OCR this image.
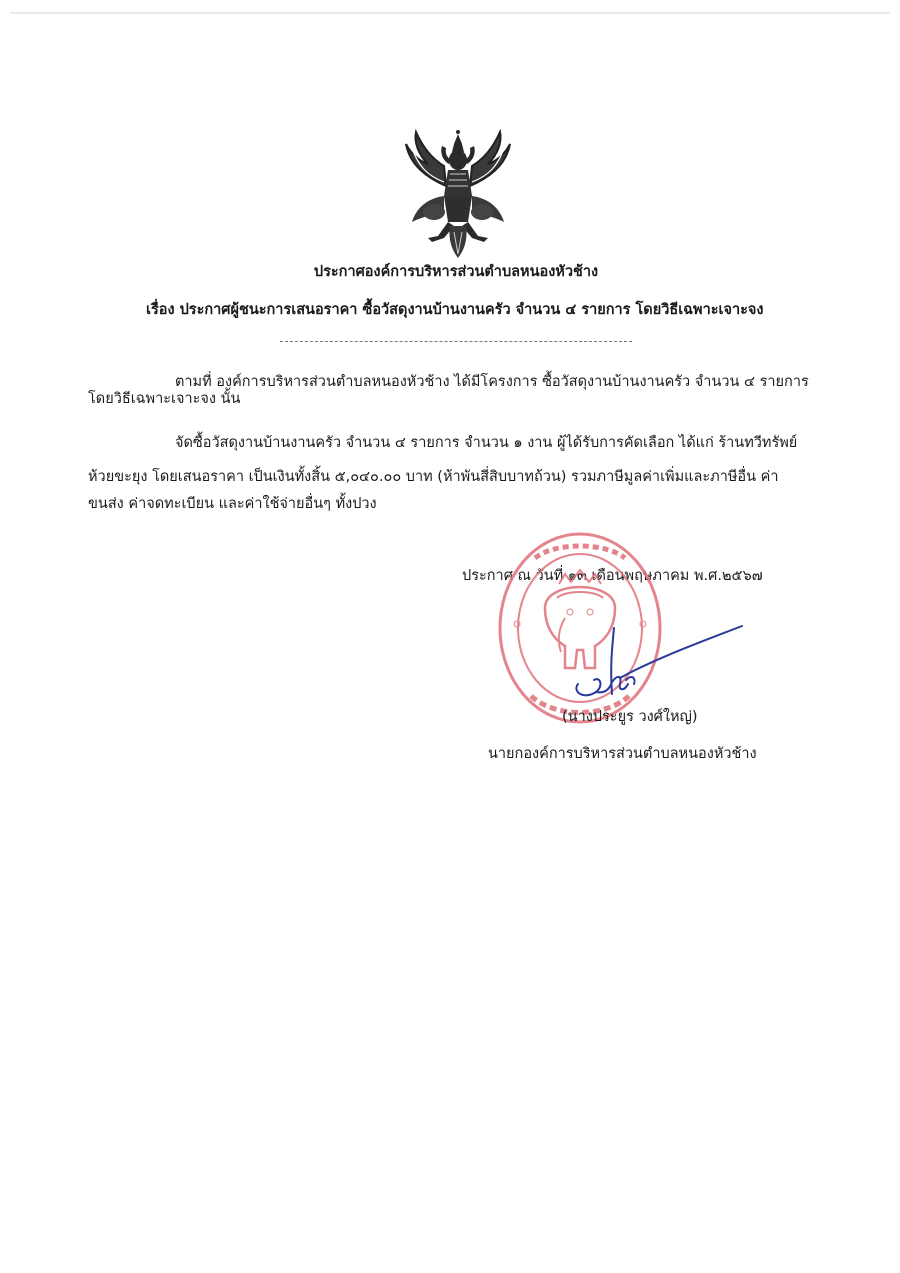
ประกาศองค์การบริหารส่วนตำบลหนองหัวช้าง
เรื่อง ประกาศผู้ชนะการเสนอราคา ซื้อวัสดุงานบ้านงานครัว จำนวน ๔ รายการ โดยวิธีเฉพาะเจาะจง
ตามที่ องค์การบริหารส่วนตำบลหนองหัวช้าง ได้มีโครงการ ซื้อวัสดุงานบ้านงานครัว จำนวน ๔ รายการ
โดยวิธีเฉพาะเจาะจง นั้น
จัดซื้อวัสดุงานบ้านงานครัว จำนวน ๔ รายการ จำนวน ๑ งาน ผู้ได้รับการคัดเลือก ได้แก่ ร้านทวีทรัพย์
ห้วยขะยุง โดยเสนอราคา เป็นเงินทั้งสิ้น ๕,๐๔๐.๐๐ บาท (ห้าพันสี่สิบบาทถ้วน) รวมภาษีมูลค่าเพิ่มและภาษีอื่น ค่า
ขนส่ง ค่าจดทะเบียน และค่าใช้จ่ายอื่นๆ ทั้งปวง
ประกาศ ณ วันที่ ๑๓ เดือนพฤษภาคม พ.ศ.๒๕๖๗
(นางประยูร วงศ์ใหญ่)
นายกองค์การบริหารส่วนตำบลหนองหัวช้าง
